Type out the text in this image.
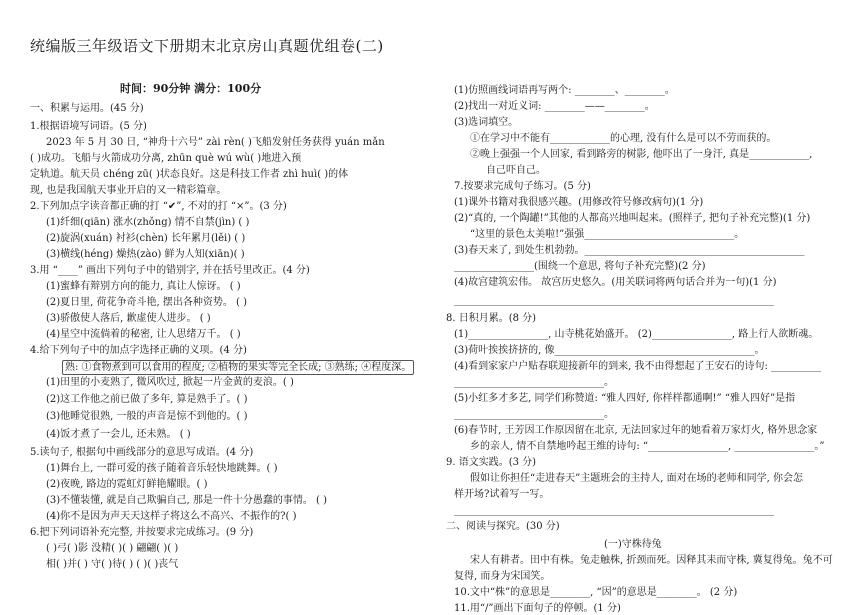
统编版三年级语文下册期末北京房山真题优组卷(二)
时间：90分钟 满分：100分
一、积累与运用。(45 分)
1.根据语境写词语。(5 分)
2023 年 5 月 30 日, “神舟十六号” zài rèn( )飞船发射任务获得 yuán mǎn
( )成功。飞船与火箭成功分离, zhūn què wú wù( )地进入预
定轨道。航天员 chéng zū( )状态良好。这是科技工作者 zhì huì( )的体
现, 也是我国航天事业开启的又一精彩篇章。
2.下列加点字读音都正确的打 “✔”, 不对的打 “×”。(3 分)
(1)纤细(qiān) 涨水(zhǒng) 情不自禁(jìn) ( )
(2)旋涡(xuán) 衬衫(chèn) 长年累月(lěi) ( )
(3)横线(héng) 燥热(zào) 鲜为人知(xiān)( )
3.用 “____” 画出下列句子中的错别字, 并在括号里改正。(4 分)
(1)蜜蜂有辩别方向的能力, 真让人惊讶。 ( )
(2)夏日里, 荷花争奇斗艳, 摆出各种资势。 ( )
(3)骄傲使人落后, 歉虚使人进步。 ( )
(4)星空中流倘着的秘密, 让人思绪万千。 ( )
4.给下列句子中的加点字选择正确的义项。(4 分)
熟: ①食物煮到可以食用的程度; ②植物的果实等完全长成; ③熟练; ④程度深。
(1)田里的小麦熟了, 微风吹过, 掀起一片金黄的麦浪。( )
(2)这工作他之前已做了多年, 算是熟手了。( )
(3)他睡觉很熟, 一般的声音是惊不到他的。( )
(4)饭才煮了一会儿, 还未熟。 ( )
5.读句子, 根据句中画线部分的意思写成语。(4 分)
(1)舞台上, 一群可爱的孩子随着音乐轻快地跳舞。( )
(2)夜晚, 路边的霓虹灯鲜艳耀眼。( )
(3)不懂装懂, 就是自己欺骗自己, 那是一件十分愚蠢的事情。 ( )
(4)你不是因为声天天这样子将这么不高兴、不振作的?( )
6.把下列词语补充完整, 并按要求完成练习。(9 分)
( )弓( )影 没精( )( ) 翩翩( )( )
相( )并( ) 守( )待( ) ( )( )丧气
(1)仿照画线词语再写两个: ________、________。
(2)找出一对近义词: ________——________。
(3)选词填空。
①在学习中不能有____________的心理, 没有什么是可以不劳而获的。
②晚上强强一个人回家, 看到路旁的树影, 他吓出了一身汗, 真是____________,
自己吓自己。
7.按要求完成句子练习。(5 分)
(1)课外书籍对我很感兴趣。(用修改符号修改病句)(1 分)
(2)“真的, 一个陶罐!”其他的人都高兴地叫起来。(照样子, 把句子补充完整)(1 分)
“这里的景色太美啦!”强强______________________________。
(3)春天来了, 到处生机勃勃。____________________________________________
________________(围绕一个意思, 将句子补充完整)(2 分)
(4)故宫建筑宏伟。 故宫历史悠久。(用关联词将两句话合并为一句)(1 分)
________________________________________________________________
8. 日积月累。(8 分)
(1)________________, 山寺桃花始盛开。 (2)________________, 路上行人欲断魂。
(3)荷叶挨挨挤挤的, 像________________________________________。
(4)看到家家户户贴春联迎接新年的到来, 我不由得想起了王安石的诗句: __________
______________________________。
(5)小红多才多艺, 同学们称赞道: “雅人四好, 你样样都通啊!” “雅人四好”是指
______________________________。
(6)春节时, 王芳因工作原因留在北京, 无法回家过年的她看着万家灯火, 格外思念家
乡的亲人, 情不自禁地吟起王维的诗句: “________________, ________________。”
9. 语文实践。(3 分)
假如让你担任“走进春天”主题班会的主持人, 面对在场的老师和同学, 你会怎
样开场?试着写一写。
________________________________________________________________
二、阅读与探究。(30 分)
(一)守株待兔
宋人有耕者。田中有株。兔走触株, 折颈而死。因释其耒而守株, 冀复得兔。兔不可
复得, 而身为宋国笑。
10.文中“株”的意思是________, “因”的意思是________。 (2 分)
11.用“/”画出下面句子的停顿。(1 分)
